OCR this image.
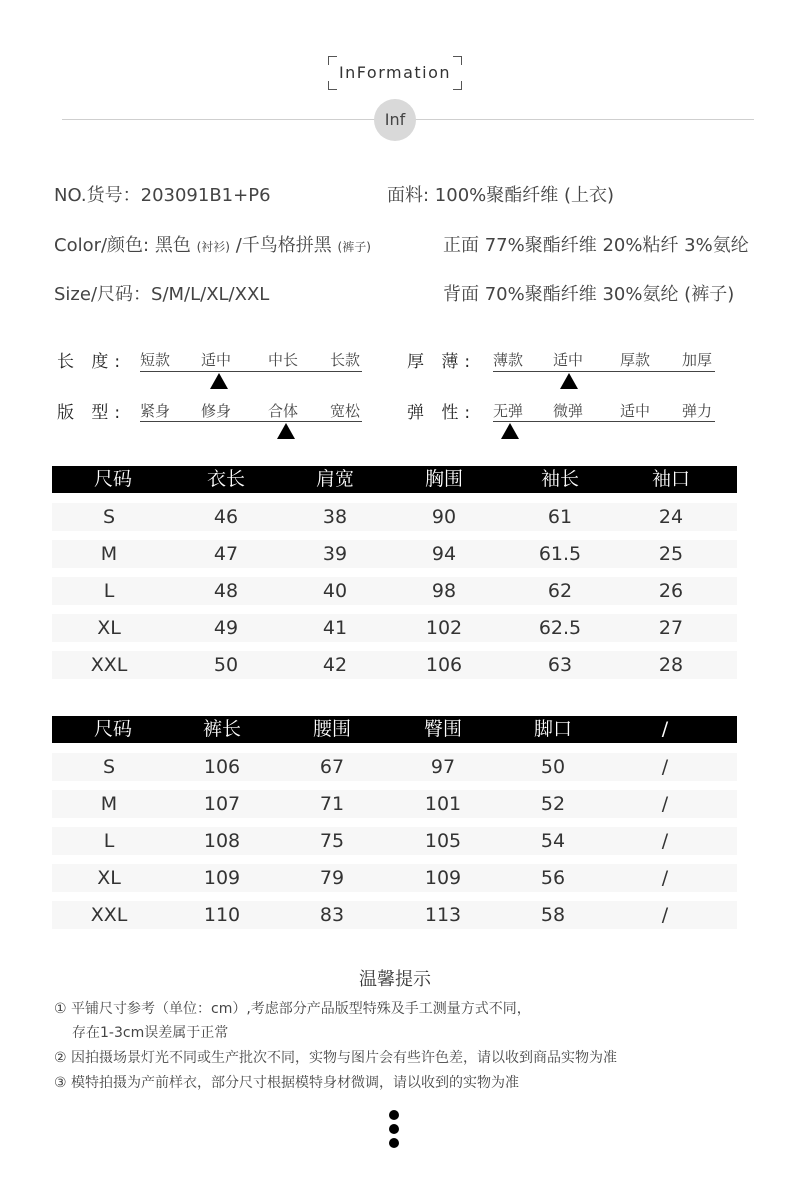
InFormation
Inf
NO.货号：203091B1+P6
Color/颜色: 黑色 (衬衫) /千鸟格拼黑 (裤子)
Size/尺码：S/M/L/XL/XXL
面料: 100%聚酯纤维 (上衣)
正面 77%聚酯纤维 20%粘纤 3%氨纶
背面 70%聚酯纤维 30%氨纶 (裤子)
长 度: 短款 适中 中长 长款	厚 薄: 薄款 适中 厚款 加厚
版 型: 紧身 修身 合体 宽松	弹 性: 无弹 微弹 适中 弹力
尺码	衣长	肩宽	胸围	袖长	袖口
S	46	38	90	61	24
M	47	39	94	61.5	25
L	48	40	98	62	26
XL	49	41	102	62.5	27
XXL	50	42	106	63	28
尺码	裤长	腰围	臀围	脚口	/
S	106	67	97	50	/
M	107	71	101	52	/
L	108	75	105	54	/
XL	109	79	109	56	/
XXL	110	83	113	58	/
温馨提示
① 平铺尺寸参考（单位：cm）,考虑部分产品版型特殊及手工测量方式不同，
存在1-3cm误差属于正常
② 因拍摄场景灯光不同或生产批次不同，实物与图片会有些许色差，请以收到商品实物为准
③ 模特拍摄为产前样衣，部分尺寸根据模特身材微调，请以收到的实物为准
